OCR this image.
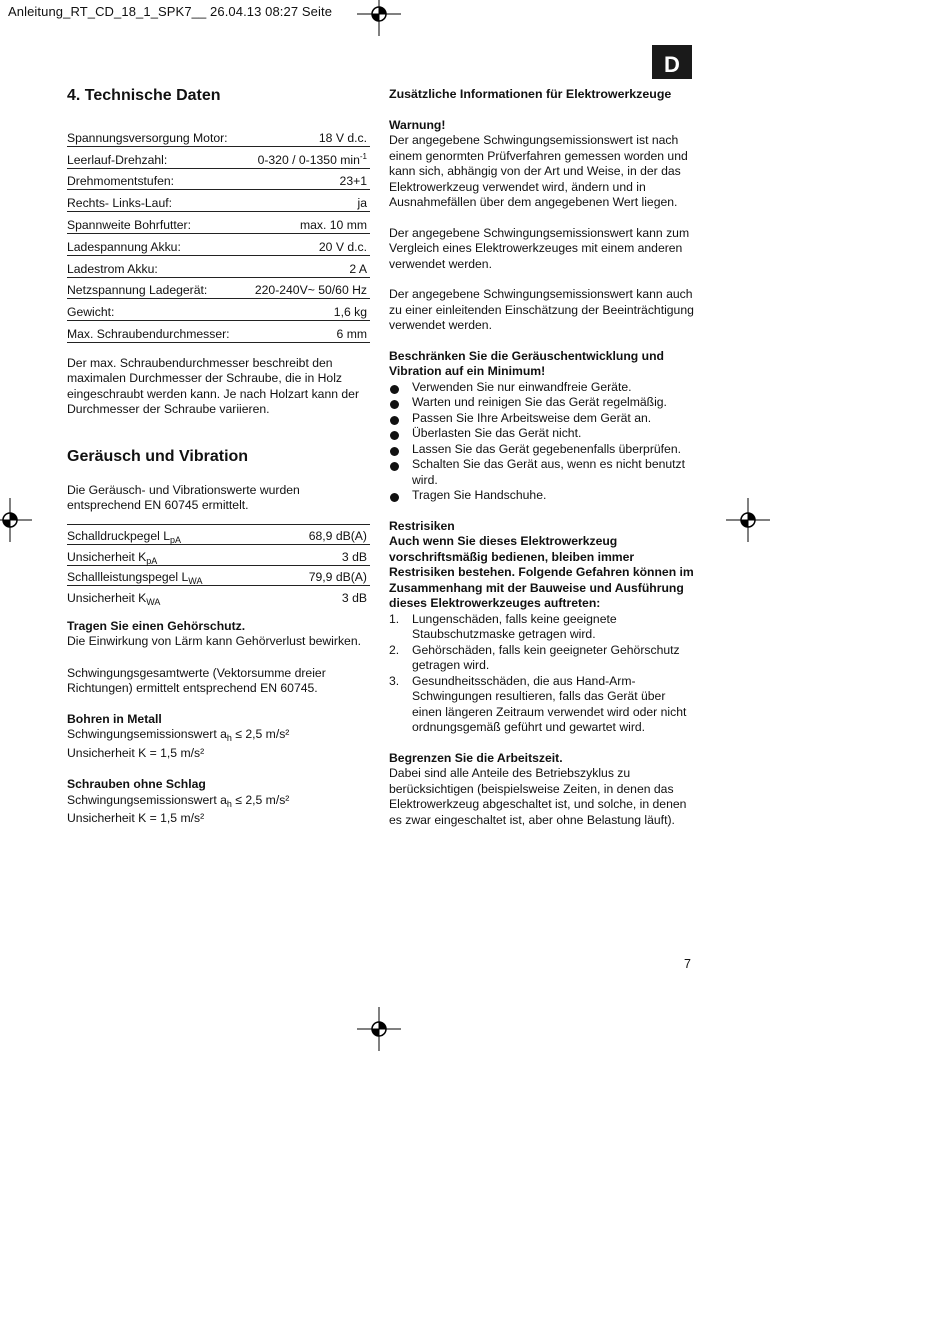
Anleitung_RT_CD_18_1_SPK7__ 26.04.13 08:27 Seite
D
4. Technische Daten
Spannungsversorgung Motor:	18 V d.c.
Leerlauf-Drehzahl:	0-320 / 0-1350 $\min^{-1}$
Drehmomentstufen:	23+1
Rechts- Links-Lauf:	ja
Spannweite Bohrfutter:	max. 10 mm
Ladespannung Akku:	20 V d.c.
Ladestrom Akku:	2 A
Netzspannung Ladegerät:	220-240V~ 50/60 Hz
Gewicht:	1,6 kg
Max. Schraubendurchmesser:	6 mm

Der max. Schraubendurchmesser beschreibt den maximalen Durchmesser der Schraube, die in Holz eingeschraubt werden kann. Je nach Holzart kann der Durchmesser der Schraube variieren.

Geräusch und Vibration

Die Geräusch- und Vibrationswerte wurden entsprechend EN 60745 ermittelt.

Schalldruckpegel $L_{pA}$	68,9 dB(A)
Unsicherheit $K_{pA}$	3 dB
Schallleistungspegel $L_{WA}$	79,9 dB(A)
Unsicherheit $K_{WA}$	3 dB

Tragen Sie einen Gehörschutz.

Die Einwirkung von Lärm kann Gehörverlust bewirken.

Schwingungsgesamtwerte (Vektorsumme dreier Richtungen) ermittelt entsprechend EN 60745.

Bohren in Metall

Schwingungsemissionswert $a_h \le 2,5$ m/s²

Unsicherheit K = 1,5 m/s²

Schrauben ohne Schlag

Schwingungsemissionswert $a_h \le 2,5$ m/s²

Unsicherheit K = 1,5 m/s²

Zusätzliche Informationen für Elektrowerkzeuge

Warnung!

Der angegebene Schwingungsemissionswert ist nach einem genormten Prüfverfahren gemessen worden und kann sich, abhängig von der Art und Weise, in der das Elektrowerkzeug verwendet wird, ändern und in Ausnahmefällen über dem angegebenen Wert liegen.

Der angegebene Schwingungsemissionswert kann zum Vergleich eines Elektrowerkzeuges mit einem anderen verwendet werden.

Der angegebene Schwingungsemissionswert kann auch zu einer einleitenden Einschätzung der Beeinträchtigung verwendet werden.

Beschränken Sie die Geräuschentwicklung und Vibration auf ein Minimum!

Verwenden Sie nur einwandfreie Geräte.
Warten und reinigen Sie das Gerät regelmäßig.
Passen Sie Ihre Arbeitsweise dem Gerät an.
Überlasten Sie das Gerät nicht.
Lassen Sie das Gerät gegebenenfalls überprüfen.
Schalten Sie das Gerät aus, wenn es nicht benutzt wird.
Tragen Sie Handschuhe.

Restrisiken

Auch wenn Sie dieses Elektrowerkzeug vorschriftsmäßig bedienen, bleiben immer Restrisiken bestehen. Folgende Gefahren können im Zusammenhang mit der Bauweise und Ausführung dieses Elektrowerkzeuges auftreten:

1. Lungenschäden, falls keine geeignete Staubschutzmaske getragen wird.
2. Gehörschäden, falls kein geeigneter Gehörschutz getragen wird.
3. Gesundheitsschäden, die aus Hand-Arm-Schwingungen resultieren, falls das Gerät über einen längeren Zeitraum verwendet wird oder nicht ordnungsgemäß geführt und gewartet wird.

Begrenzen Sie die Arbeitszeit.

Dabei sind alle Anteile des Betriebszyklus zu berücksichtigen (beispielsweise Zeiten, in denen das Elektrowerkzeug abgeschaltet ist, und solche, in denen es zwar eingeschaltet ist, aber ohne Belastung läuft).

7
